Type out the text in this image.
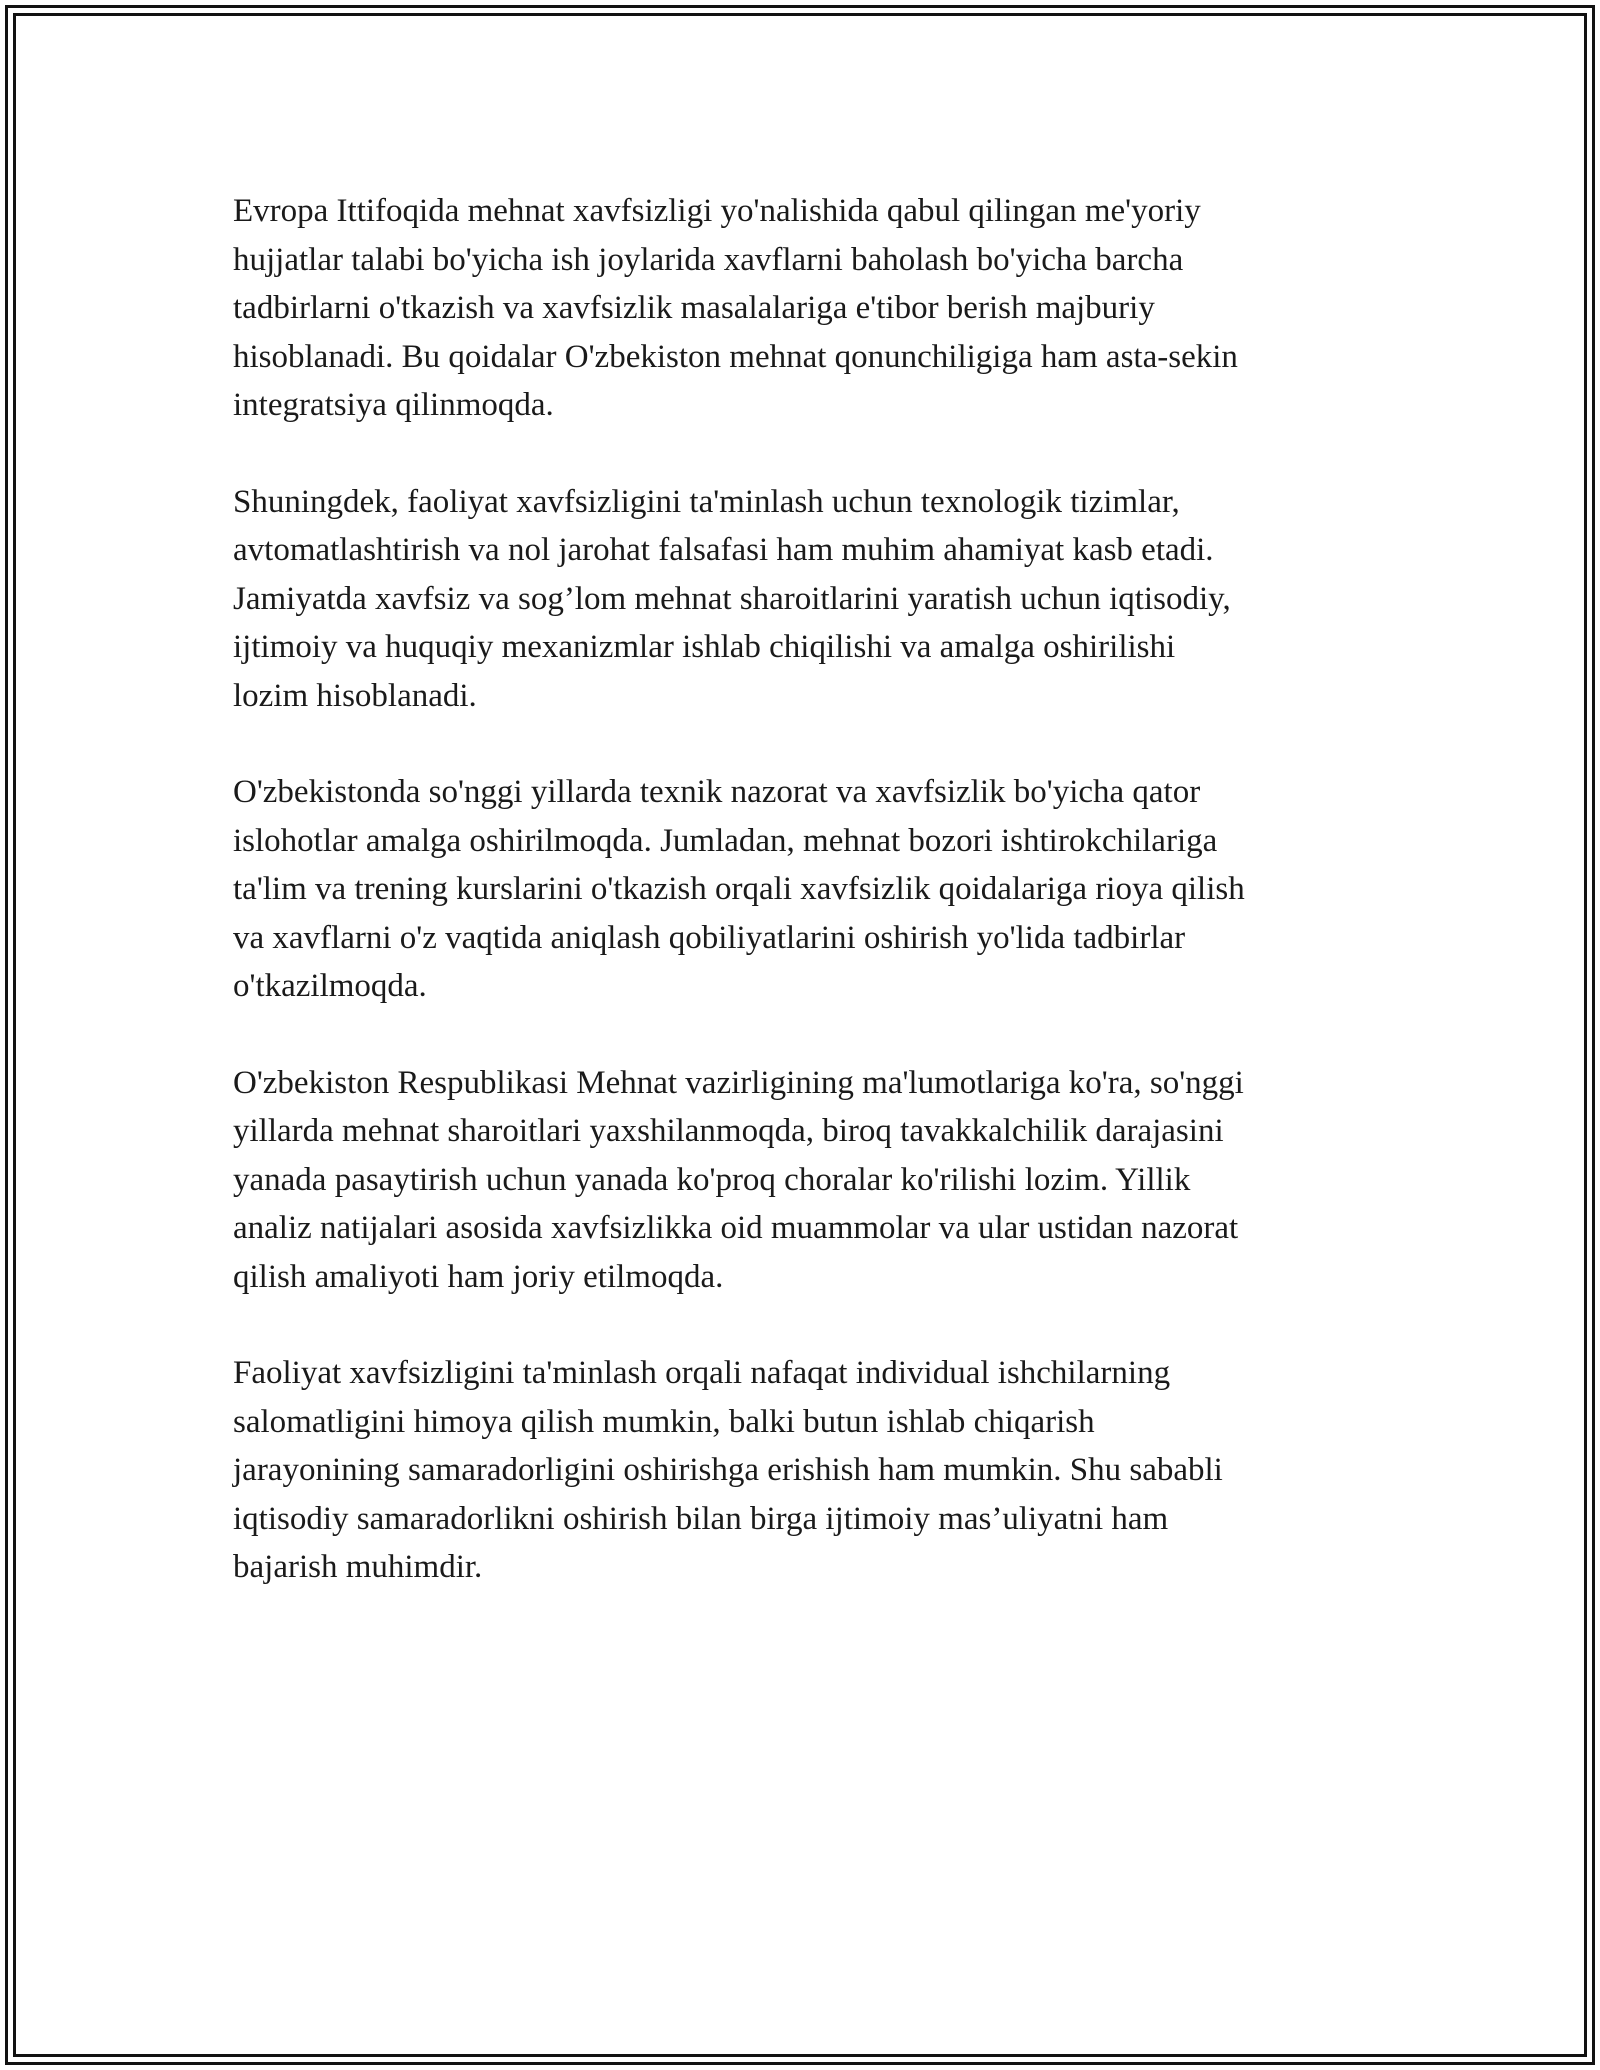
Evropa Ittifoqida mehnat xavfsizligi yo'nalishida qabul qilingan me'yoriy
hujjatlar talabi bo'yicha ish joylarida xavflarni baholash bo'yicha barcha
tadbirlarni o'tkazish va xavfsizlik masalalariga e'tibor berish majburiy
hisoblanadi. Bu qoidalar O'zbekiston mehnat qonunchiligiga ham asta-sekin
integratsiya qilinmoqda.

Shuningdek, faoliyat xavfsizligini ta'minlash uchun texnologik tizimlar,
avtomatlashtirish va nol jarohat falsafasi ham muhim ahamiyat kasb etadi.
Jamiyatda xavfsiz va sog’lom mehnat sharoitlarini yaratish uchun iqtisodiy,
ijtimoiy va huquqiy mexanizmlar ishlab chiqilishi va amalga oshirilishi
lozim hisoblanadi.

O'zbekistonda so'nggi yillarda texnik nazorat va xavfsizlik bo'yicha qator
islohotlar amalga oshirilmoqda. Jumladan, mehnat bozori ishtirokchilariga
ta'lim va trening kurslarini o'tkazish orqali xavfsizlik qoidalariga rioya qilish
va xavflarni o'z vaqtida aniqlash qobiliyatlarini oshirish yo'lida tadbirlar
o'tkazilmoqda.

O'zbekiston Respublikasi Mehnat vazirligining ma'lumotlariga ko'ra, so'nggi
yillarda mehnat sharoitlari yaxshilanmoqda, biroq tavakkalchilik darajasini
yanada pasaytirish uchun yanada ko'proq choralar ko'rilishi lozim. Yillik
analiz natijalari asosida xavfsizlikka oid muammolar va ular ustidan nazorat
qilish amaliyoti ham joriy etilmoqda.

Faoliyat xavfsizligini ta'minlash orqali nafaqat individual ishchilarning
salomatligini himoya qilish mumkin, balki butun ishlab chiqarish
jarayonining samaradorligini oshirishga erishish ham mumkin. Shu sababli
iqtisodiy samaradorlikni oshirish bilan birga ijtimoiy mas’uliyatni ham
bajarish muhimdir.
